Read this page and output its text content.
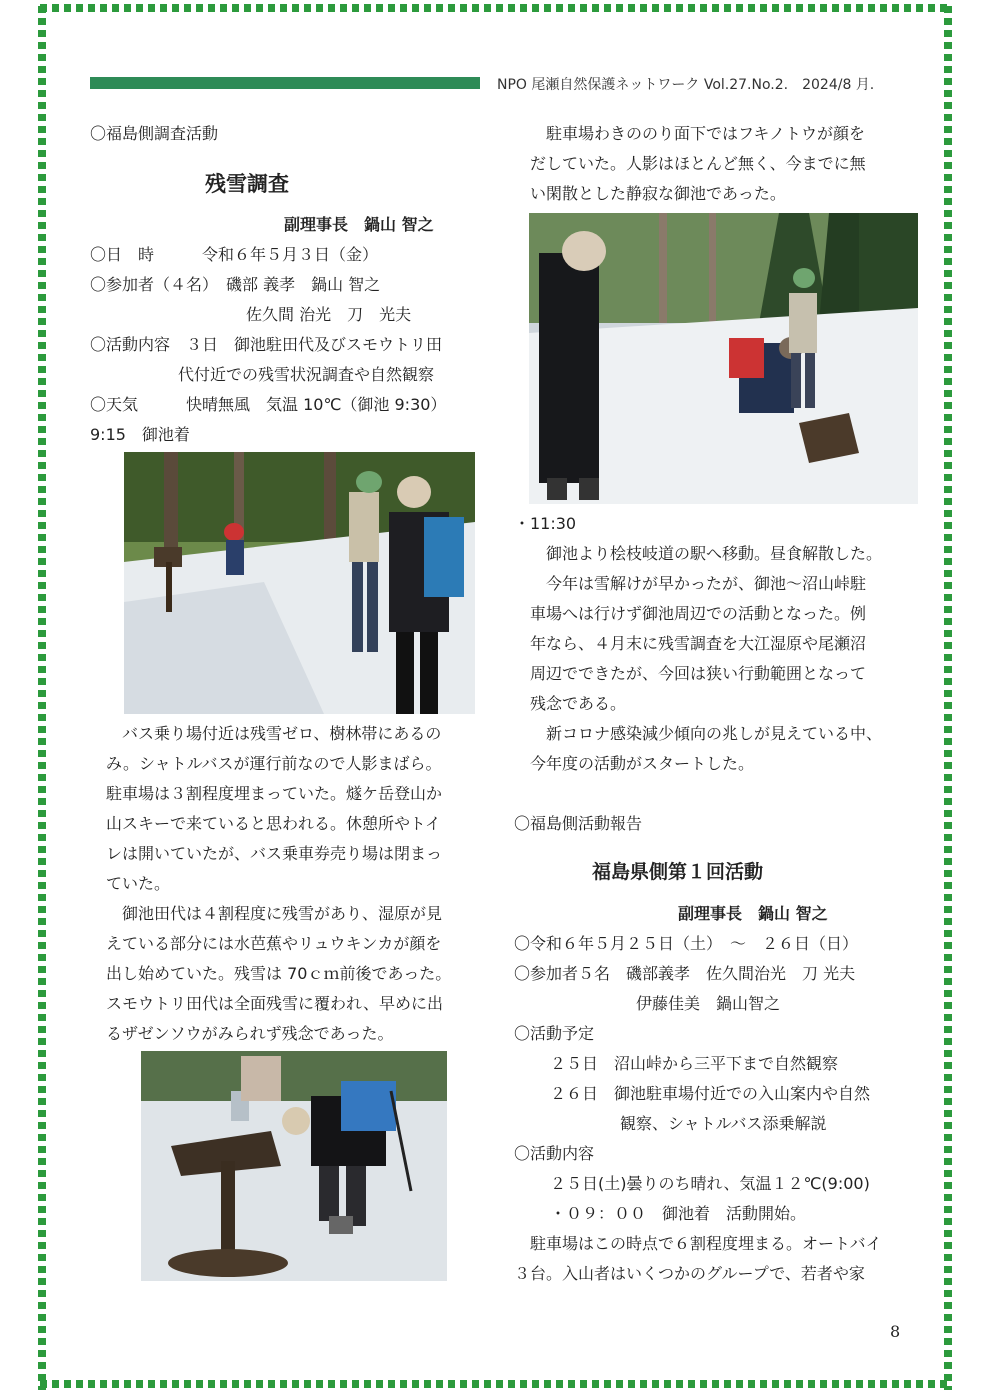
NPO 尾瀬自然保護ネットワーク Vol.27.No.2.　2024/8 月.
〇福島側調査活動
残雪調査
副理事長　鍋山 智之
〇日　時　　　令和６年５月３日（金）
〇参加者（４名）　磯部 義孝　鍋山 智之
佐久間 治光　刀　光夫
〇活動内容　３日　御池駐田代及びスモウトリ田
代付近での残雪状況調査や自然観察
〇天気　　　快晴無風　気温 10℃（御池 9:30）
9:15　御池着
　バス乗り場付近は残雪ゼロ、樹林帯にあるの
み。シャトルバスが運行前なので人影まばら。
駐車場は３割程度埋まっていた。燧ケ岳登山か
山スキーで来ていると思われる。休憩所やトイ
レは開いていたが、バス乗車券売り場は閉まっ
ていた。
　御池田代は４割程度に残雪があり、湿原が見
えている部分には水芭蕉やリュウキンカが顔を
出し始めていた。残雪は 70ｃｍ前後であった。
スモウトリ田代は全面残雪に覆われ、早めに出
るザゼンソウがみられず残念であった。
　駐車場わきののり面下ではフキノトウが顔を
だしていた。人影はほとんど無く、今までに無
い閑散とした静寂な御池であった。
・11:30
　御池より桧枝岐道の駅へ移動。昼食解散した。
　今年は雪解けが早かったが、御池～沼山峠駐
車場へは行けず御池周辺での活動となった。例
年なら、４月末に残雪調査を大江湿原や尾瀬沼
周辺でできたが、今回は狭い行動範囲となって
残念である。
　新コロナ感染減少傾向の兆しが見えている中、
今年度の活動がスタートした。
〇福島側活動報告
福島県側第１回活動
副理事長　鍋山 智之
〇令和６年５月２５日（土）　～　２６日（日）
〇参加者５名　磯部義孝　佐久間治光　刀 光夫
伊藤佳美　鍋山智之
〇活動予定
２５日　沼山峠から三平下まで自然観察
２６日　御池駐車場付近での入山案内や自然
観察、シャトルバス添乗解説
〇活動内容
２５日(土)曇りのち晴れ、気温１２℃(9:00)
・０９：００　御池着　活動開始。
　駐車場はこの時点で６割程度埋まる。オートバイ
３台。入山者はいくつかのグループで、若者や家
8
